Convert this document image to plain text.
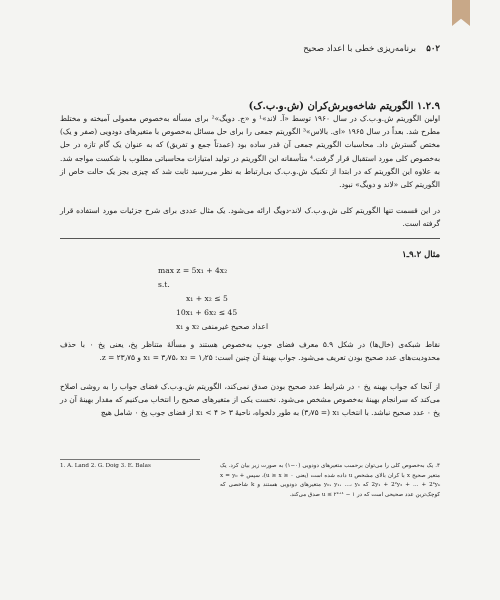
۵۰۲
برنامه‌ریزی خطی با اعداد صحیح
۱.۲.۹ الگوریتم شاخه‌وبرش‌کران (ش.و.ب.ک)

اولین الگوریتم ش.و.ب.ک در سال ۱۹۶۰ توسط «آ. لاند»¹ و «ج. دویگ»² برای مسأله به‌خصوص معمولی آمیخته و مختلط مطرح شد. بعداً در سال ۱۹۶۵ «ای. بالاس»³ الگوریتم جمعی را برای حل مسائل به‌خصوص با متغیرهای دودویی (صفر و یک) مختص گسترش داد. محاسبات الگوریتم جمعی آن قدر ساده بود (عمدتاً جمع و تفریق) که به عنوان یک گام تازه در حل به‌خصوص کلی مورد استقبال قرار گرفت.⁴ متأسفانه این الگوریتم در تولید امتیازات محاسباتی مطلوب با شکست مواجه شد. به علاوه این الگوریتم که در ابتدا از تکنیک ش.و.ب.ک بی‌ارتباط به نظر می‌رسید ثابت شد که چیزی بجز یک حالت خاص از الگوریتم کلی «لاند و دویگ» نبود.

در این قسمت تنها الگوریتم کلی ش.و.ب.ک لاند‑دویگ ارائه می‌شود. یک مثال عددی برای شرح جزئیات مورد استفاده قرار گرفته است.

مثال ۹.۲ـ۱
max z = 5x₁ + 4x₂
s.t.
x₁ + x₂ ≤ 5
10x₁ + 6x₂ ≤ 45
x₁ و x₂ اعداد صحیح غیرمنفی

نقاط شبکه‌ی (خال‌ها) در شکل ۵.۹ معرف فضای جوب به‌خصوص هستند و مسألهٔ متناظر پخ، یعنی پخ ۰ با حذف محدودیت‌های عدد صحیح بودن تعریف می‌شود. جواب بهینهٔ آن چنین است: x₁ = ۳٫۷۵، x₂ = ۱٫۲۵ و z = ۲۳٫۷۵.

از آنجا که جواب بهینه پخ ۰ در شرایط عدد صحیح بودن صدق نمی‌کند، الگوریتم ش.و.ب.ک فضای جواب را به روشی اصلاح می‌کند که سرانجام بهینهٔ به‌خصوص مشخص می‌شود. نخست یکی از متغیرهای صحیح را انتخاب می‌کنیم که مقدار بهینهٔ آن در پخ ۰ عدد صحیح نباشد. با انتخاب x₁ (= ۳٫۷۵) به طور دلخواه، ناحیهٔ ۳ < x₁ < ۴ از فضای جوب پخ ۰ شامل هیچ

1. A. Land 2. G. Doig 3. E. Balas	۴. یک به‌خصوص کلی را می‌توان برحسب متغیرهای دودویی (۰−۱) به صورت زیر بیان کرد. یک متغیر صحیح x با کران بالای مشخص u داده شده است (یعنی u ≥ x ≥ ۰)، سپس x = y₀ + 2y₁ + 2²y₂ + … + 2ᵏyₖ که y₀، y₁، …، yₖ متغیرهای دودویی هستند و k شاخصی که کوچک‌ترین عدد صحیحی است که در u ≤ ۲ᵏ⁺¹ − ۱ صدق می‌کند.
